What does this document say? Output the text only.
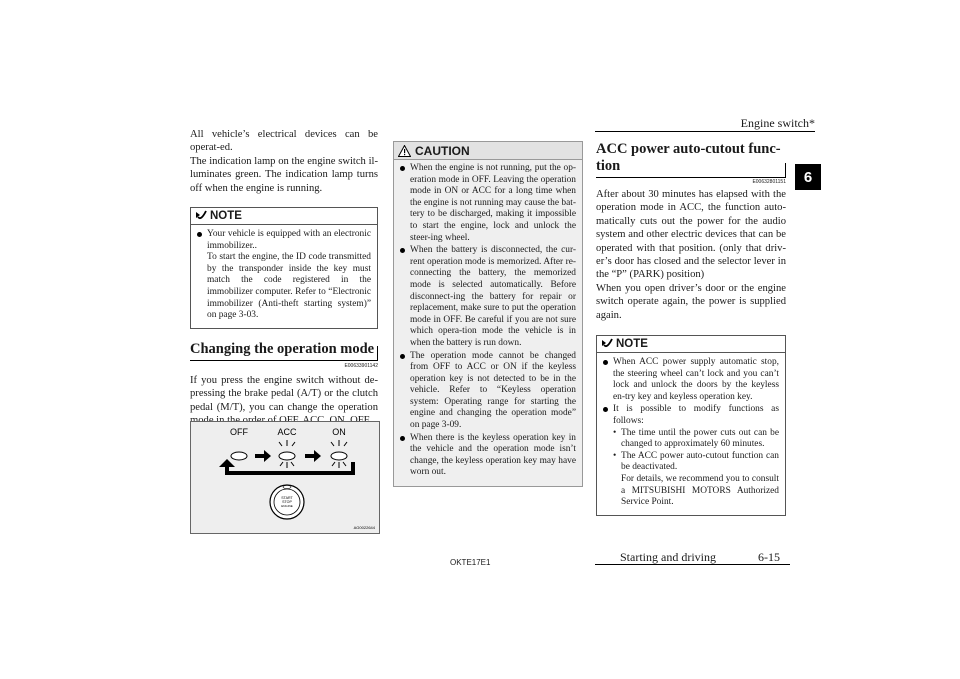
Engine switch*
6

All vehicle’s electrical devices can be operat-ed.

The indication lamp on the engine switch il-luminates green. The indication lamp turns off when the engine is running.

NOTE
Your vehicle is equipped with an electronic immobilizer..
To start the engine, the ID code transmitted by the transponder inside the key must match the code registered in the immobilizer computer. Refer to “Electronic immobilizer (Anti-theft starting system)” on page 3-03.
Changing the operation mode
E00633901142

If you press the engine switch without de-pressing the brake pedal (A/T) or the clutch pedal (M/T), you can change the operation

OFF	ACC	ON
START
STOP
ENGINE
AG0022644
CAUTION
When the engine is not running, put the op-eration mode in OFF. Leaving the operation mode in ON or ACC for a long time when the engine is not running may cause the bat-tery to be discharged, making it impossible to start the engine, lock and unlock the steer-ing wheel.
When the battery is disconnected, the cur-rent operation mode is memorized. After re-connecting the battery, the memorized mode is selected automatically. Before disconnect-ing the battery for repair or replacement, make sure to put the operation mode in OFF. Be careful if you are not sure which opera-tion mode the vehicle is in when the battery is run down.
The operation mode cannot be changed from OFF to ACC or ON if the keyless operation key is not detected to be in the vehicle. Refer to “Keyless operation system: Operating range for starting the engine and changing the operation mode” on page 3-09.
When there is the keyless operation key in the vehicle and the operation mode isn’t change, the keyless operation key may have worn out.
ACC power auto-cutout func-
tion
E00632801151

After about 30 minutes has elapsed with the operation mode in ACC, the function auto-matically cuts out the power for the audio system and other electric devices that can be operated with that position. (only that driv-er’s door has closed and the selector lever in the “P” (PARK) position)

When you open driver’s door or the engine switch operate again, the power is supplied again.

NOTE
When ACC power supply automatic stop, the steering wheel can’t lock and you can’t lock and unlock the doors by the keyless en-try key and keyless operation key.
It is possible to modify functions as follows:
• The time until the power cuts out can be changed to approximately 60 minutes.
• The ACC power auto-cutout function can be deactivated.
For details, we recommend you to consult a MITSUBISHI MOTORS Authorized Service Point.
OKTE17E1	Starting and driving	6-15
